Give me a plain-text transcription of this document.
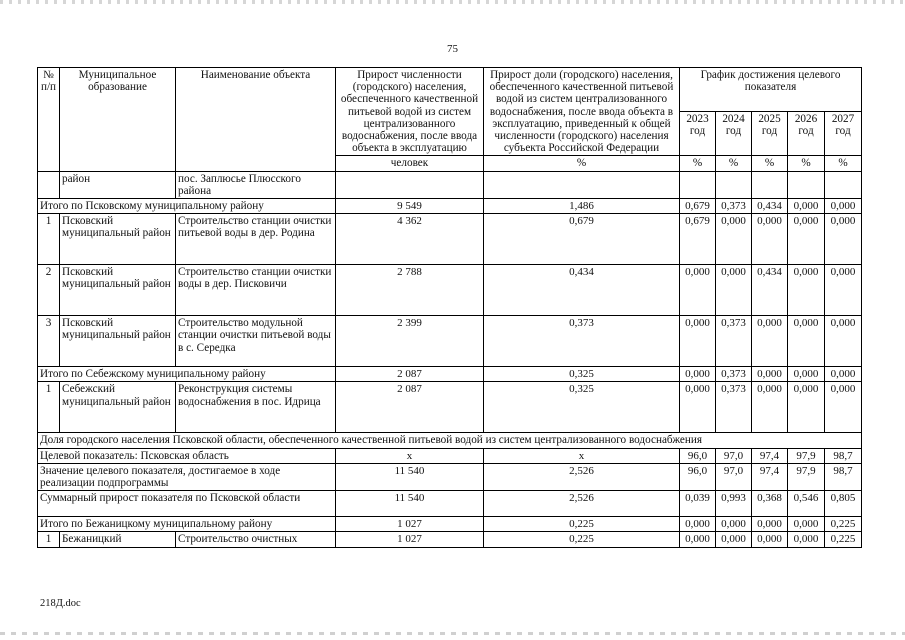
75
№ п/п	Муниципальное образование	Наименование объекта	Прирост численности (городского) населения, обеспеченного качественной питьевой водой из систем централизованного водоснабжения, после ввода объекта в эксплуатацию	Прирост доли (городского) населения, обеспеченного качественной питьевой водой из систем централизованного водоснабжения, после ввода объекта в эксплуатацию, приведенный к общей численности (городского) населения субъекта Российской Федерации	График достижения целевого показателя				
					2023 год	2024 год	2025 год	2026 год	2027 год
			человек	%	%	%	%	%	%
	район	пос. Заплюсье Плюсского района							
Итого по Псковскому муниципальному району			9 549	1,486	0,679	0,373	0,434	0,000	0,000
1	Псковский муниципальный район	Строительство станции очистки питьевой воды в дер. Родина	4 362	0,679	0,679	0,000	0,000	0,000	0,000
2	Псковский муниципальный район	Строительство станции очистки воды в дер. Писковичи	2 788	0,434	0,000	0,000	0,434	0,000	0,000
3	Псковский муниципальный район	Строительство модульной станции очистки питьевой воды в с. Середка	2 399	0,373	0,000	0,373	0,000	0,000	0,000
Итого по Себежскому муниципальному району			2 087	0,325	0,000	0,373	0,000	0,000	0,000
1	Себежский муниципальный район	Реконструкция системы водоснабжения в пос. Идрица	2 087	0,325	0,000	0,373	0,000	0,000	0,000
Доля городского населения Псковской области, обеспеченного качественной питьевой водой из систем централизованного водоснабжения									
Целевой показатель: Псковская область			х	х	96,0	97,0	97,4	97,9	98,7
Значение целевого показателя, достигаемое в ходе реализации подпрограммы			11 540	2,526	96,0	97,0	97,4	97,9	98,7
Суммарный прирост показателя по Псковской области			11 540	2,526	0,039	0,993	0,368	0,546	0,805
Итого по Бежаницкому муниципальному району			1 027	0,225	0,000	0,000	0,000	0,000	0,225
1	Бежаницкий	Строительство очистных	1 027	0,225	0,000	0,000	0,000	0,000	0,225
218Д.doc
